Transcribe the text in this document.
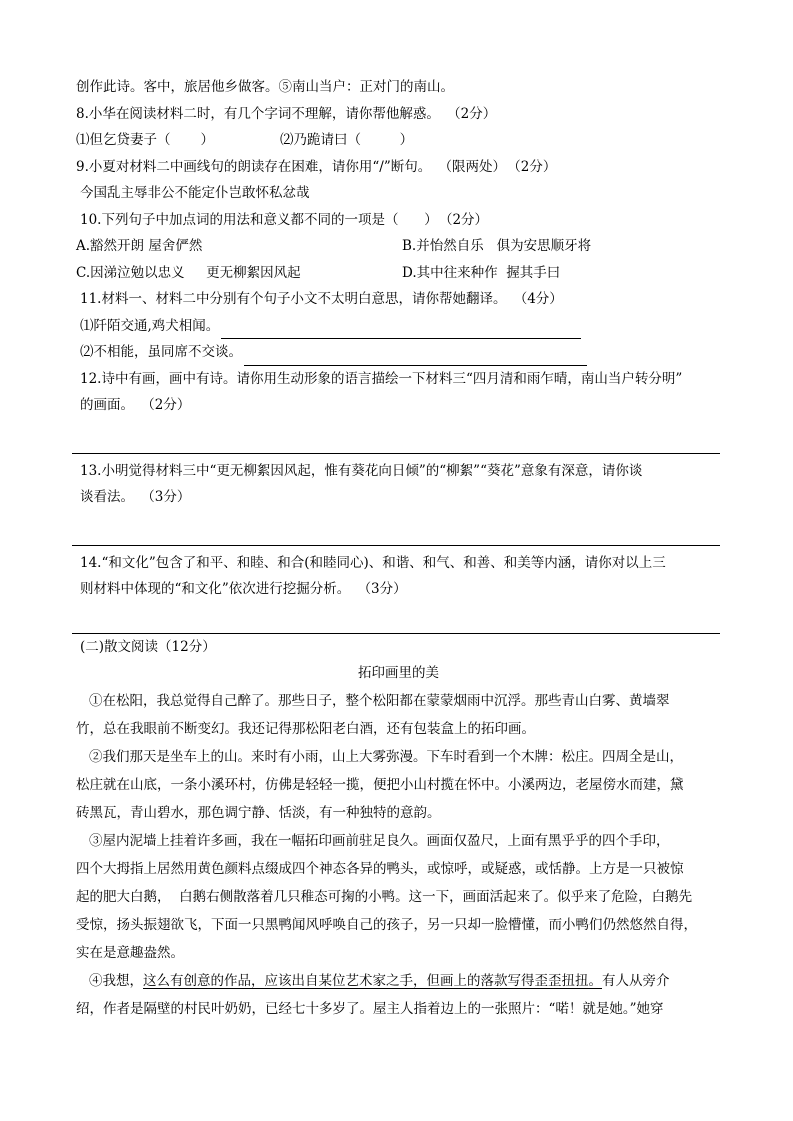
创作此诗。客中，旅居他乡做客。⑤南山当户：正对门的南山。
8.小华在阅读材料二时，有几个字词不理解，请你帮他解惑。 （2分）
⑴但乞贷妻子（       ）	⑵乃跪请曰（         ）
9.小夏对材料二中画线句的朗读存在困难，请你用“/”断句。 （限两处） （2分）
今国乱主辱非公不能定仆岂敢怀私忿哉
10.下列句子中加点词的用法和意义都不同的一项是（      ） （2分）
A.豁然开朗 屋舍俨然	B.并怡然自乐   俱为安思顺牙将
C.因涕泣勉以忠义     更无柳絮因风起	D.其中往来种作  握其手曰
11.材料一、材料二中分别有个句子小文不太明白意思，请你帮她翻译。 （4分）
⑴阡陌交通,鸡犬相闻。
⑵不相能，虽同席不交谈。
12.诗中有画，画中有诗。请你用生动形象的语言描绘一下材料三“四月清和雨乍晴，南山当户转分明”
的画面。 （2分）
13.小明觉得材料三中“更无柳絮因风起，惟有葵花向日倾”的“柳絮”“葵花”意象有深意，请你谈
谈看法。 （3分）
14.“和文化”包含了和平、和睦、和合(和睦同心)、和谐、和气、和善、和美等内涵，请你对以上三
则材料中体现的“和文化”依次进行挖掘分析。 （3分）
(二)散文阅读（12分）
拓印画里的美
①在松阳，我总觉得自己醉了。那些日子，整个松阳都在蒙蒙烟雨中沉浮。那些青山白雾、黄墙翠
竹，总在我眼前不断变幻。我还记得那松阳老白酒，还有包装盒上的拓印画。
②我们那天是坐车上的山。来时有小雨，山上大雾弥漫。下车时看到一个木牌：松庄。四周全是山，
松庄就在山底，一条小溪环村，仿佛是轻轻一揽，便把小山村揽在怀中。小溪两边，老屋傍水而建，黛
砖黑瓦，青山碧水，那色调宁静、恬淡，有一种独特的意韵。
③屋内泥墙上挂着许多画，我在一幅拓印画前驻足良久。画面仅盈尺，上面有黑乎乎的四个手印，
四个大拇指上居然用黄色颜料点缀成四个神态各异的鸭头，或惊呼，或疑惑，或恬静。上方是一只被惊
起的肥大白鹅，  白鹅右侧散落着几只稚态可掬的小鸭。这一下，画面活起来了。似乎来了危险，白鹅先
受惊，扬头振翅欲飞，下面一只黑鸭闻风呼唤自己的孩子，另一只却一脸懵懂，而小鸭们仍然悠然自得，
实在是意趣盎然。
④我想，这么有创意的作品，应该出自某位艺术家之手，但画上的落款写得歪歪扭扭。有人从旁介
绍，作者是隔壁的村民叶奶奶，已经七十多岁了。屋主人指着边上的一张照片：“喏！就是她。”她穿
